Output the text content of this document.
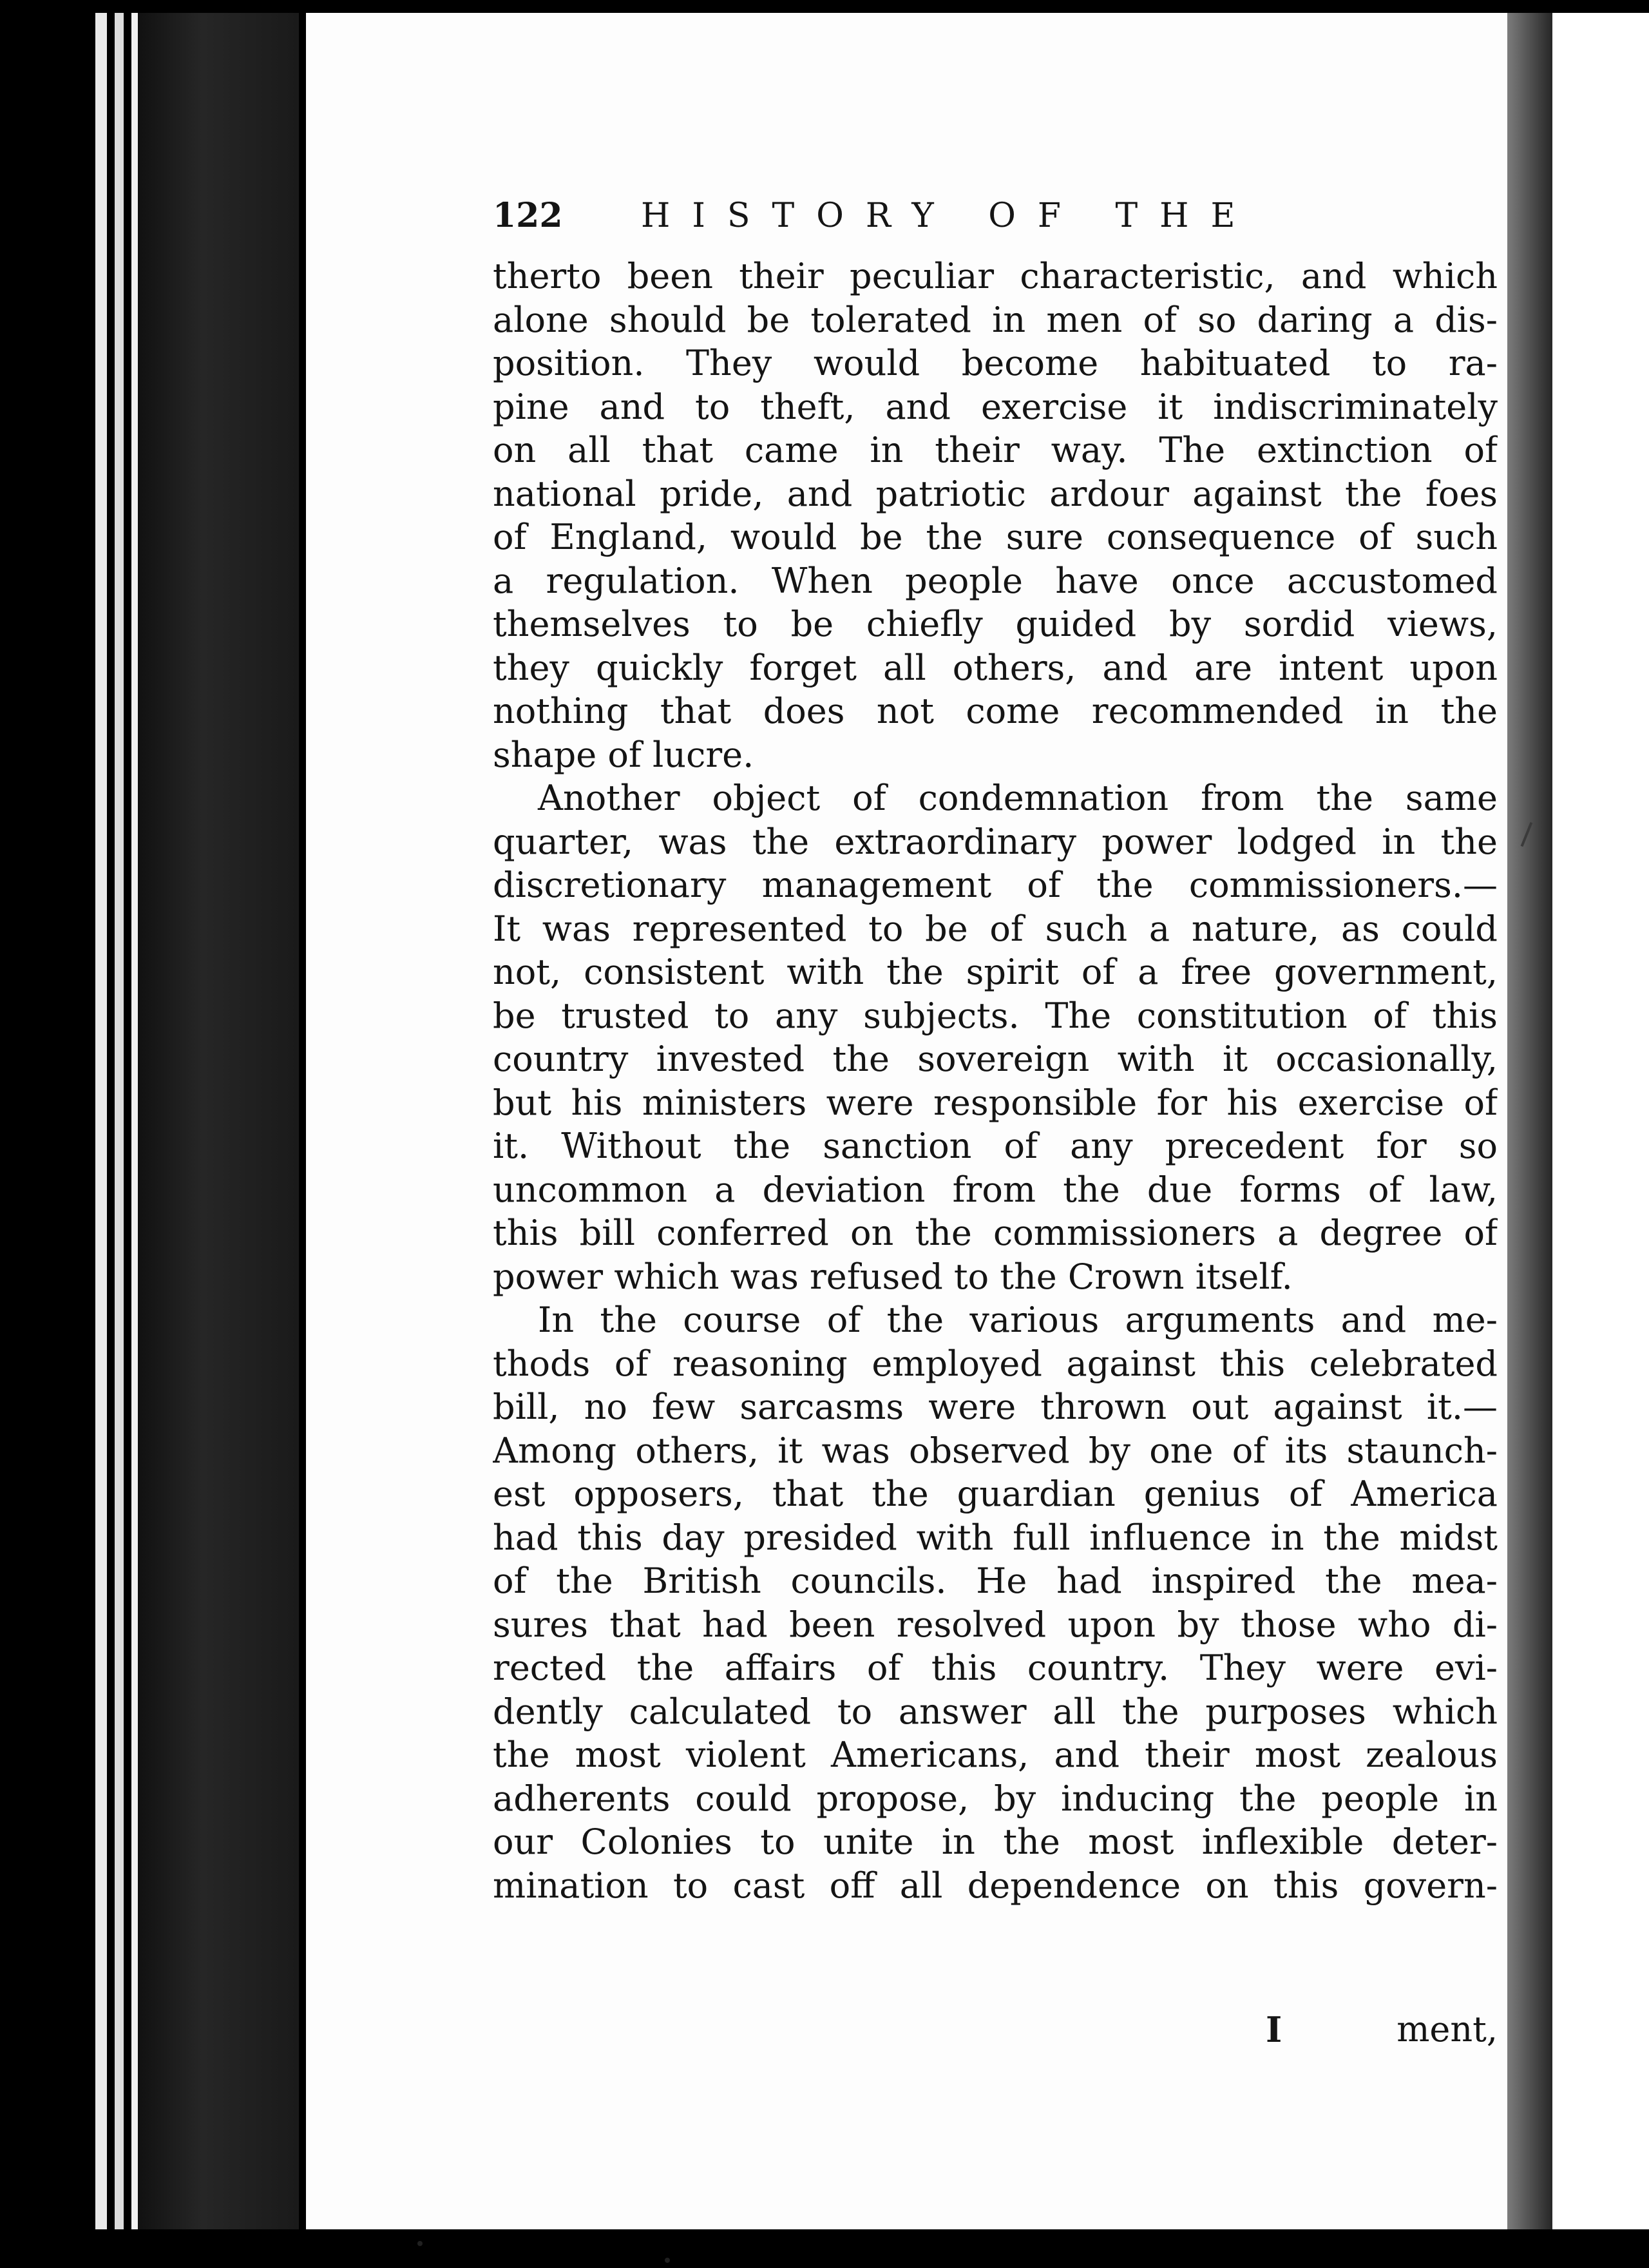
122 HISTORY OF THE
therto been their peculiar characteristic, and which
alone should be tolerated in men of so daring a dis-
position. They would become habituated to ra-
pine and to theft, and exercise it indiscriminately
on all that came in their way. The extinction of
national pride, and patriotic ardour against the foes
of England, would be the sure consequence of such
a regulation. When people have once accustomed
themselves to be chiefly guided by sordid views,
they quickly forget all others, and are intent upon
nothing that does not come recommended in the
shape of lucre.
Another object of condemnation from the same
quarter, was the extraordinary power lodged in the
discretionary management of the commissioners.—
It was represented to be of such a nature, as could
not, consistent with the spirit of a free government,
be trusted to any subjects. The constitution of this
country invested the sovereign with it occasionally,
but his ministers were responsible for his exercise of
it. Without the sanction of any precedent for so
uncommon a deviation from the due forms of law,
this bill conferred on the commissioners a degree of
power which was refused to the Crown itself.
In the course of the various arguments and me-
thods of reasoning employed against this celebrated
bill, no few sarcasms were thrown out against it.—
Among others, it was observed by one of its staunch-
est opposers, that the guardian genius of America
had this day presided with full influence in the midst
of the British councils. He had inspired the mea-
sures that had been resolved upon by those who di-
rected the affairs of this country. They were evi-
dently calculated to answer all the purposes which
the most violent Americans, and their most zealous
adherents could propose, by inducing the people in
our Colonies to unite in the most inflexible deter-
mination to cast off all dependence on this govern-
I	ment,
